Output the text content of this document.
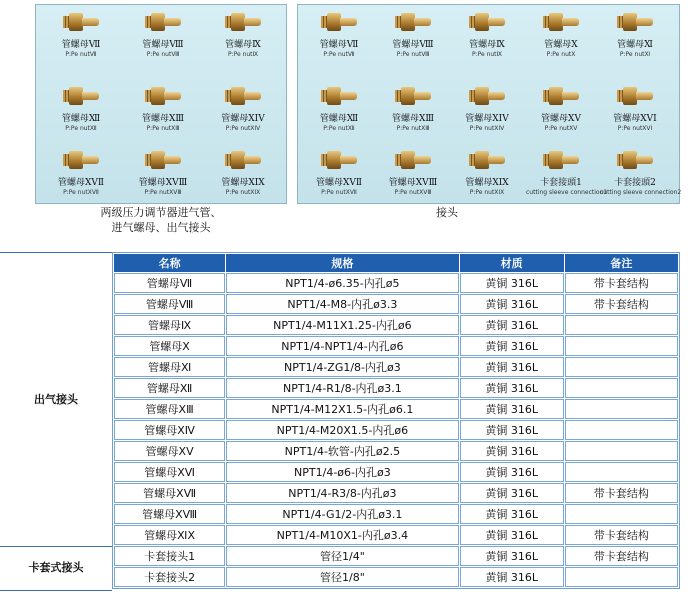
管螺母Ⅶ
P:Pe nutⅦ
管螺母Ⅷ
P:Pe nutⅧ
管螺母Ⅸ
P:Pe nutⅨ
管螺母Ⅻ
P:Pe nutⅫ
管螺母XⅢ
P:Pe nutXⅢ
管螺母XIV
P:Pe nutXIV
管螺母XVⅡ
P:Pe nutXVⅡ
管螺母XVⅢ
P:Pe nutXVⅢ
管螺母XIX
P:Pe nutXIX
两级压力调节器进气管、
进气螺母、出气接头
管螺母Ⅶ
P:Pe nutⅦ
管螺母Ⅷ
P:Pe nutⅧ
管螺母Ⅸ
P:Pe nutⅨ
管螺母Ⅹ
P:Pe nutⅩ
管螺母Ⅺ
P:Pe nutⅪ
管螺母Ⅻ
P:Pe nutⅫ
管螺母XⅢ
P:Pe nutXⅢ
管螺母XIV
P:Pe nutXIV
管螺母XV
P:Pe nutXV
管螺母XVI
P:Pe nutXVI
管螺母XVⅡ
P:Pe nutXVⅡ
管螺母XVⅢ
P:Pe nutXVⅢ
管螺母XIX
P:Pe nutXIX
卡套接頭1
cutting sleeve connection1
卡套接頭2
cutting sleeve connection2
接头
出气接头
卡套式接头
名称	规格	材质	备注
管螺母Ⅶ	NPT1/4-ø6.35-内孔ø5	黄铜 316L	带卡套结构
管螺母Ⅷ	NPT1/4-M8-内孔ø3.3	黄铜 316L	带卡套结构
管螺母Ⅸ	NPT1/4-M11X1.25-内孔ø6	黄铜 316L	
管螺母Ⅹ	NPT1/4-NPT1/4-内孔ø6	黄铜 316L	
管螺母Ⅺ	NPT1/4-ZG1/8-内孔ø3	黄铜 316L	
管螺母Ⅻ	NPT1/4-R1/8-内孔ø3.1	黄铜 316L	
管螺母ⅩⅢ	NPT1/4-M12X1.5-内孔ø6.1	黄铜 316L	
管螺母XⅣ	NPT1/4-M20X1.5-内孔ø6	黄铜 316L	
管螺母ⅩⅤ	NPT1/4-软管-内孔ø2.5	黄铜 316L	
管螺母ⅩⅥ	NPT1/4-ø6-内孔ø3	黄铜 316L	
管螺母ⅩⅦ	NPT1/4-R3/8-内孔ø3	黄铜 316L	带卡套结构
管螺母ⅩⅧ	NPT1/4-G1/2-内孔ø3.1	黄铜 316L	
管螺母ⅪⅩ	NPT1/4-M10X1-内孔ø3.4	黄铜 316L	带卡套结构
卡套接头1	管径1/4"	黄铜 316L	带卡套结构
卡套接头2	管径1/8"	黄铜 316L	
